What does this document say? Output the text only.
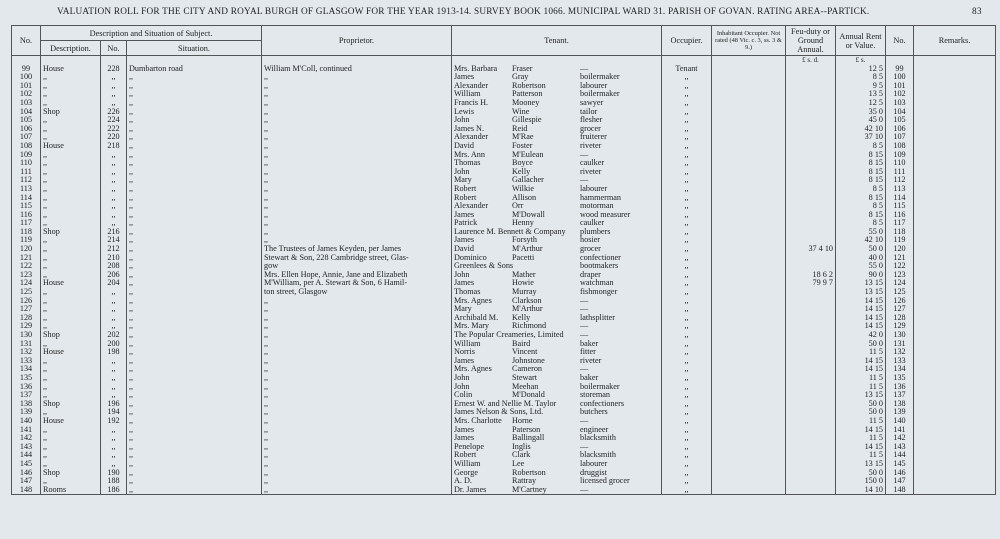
VALUATION ROLL FOR THE CITY AND ROYAL BURGH OF GLASGOW FOR THE YEAR 1913-14. SURVEY BOOK 1066. MUNICIPAL WARD 31. PARISH OF GOVAN. RATING AREA--PARTICK.	83
No.	Description and Situation of Subject.			Proprietor.	Tenant.	Occupier.	Inhabitant Occupier. Not rated (48 Vic. c. 3, ss. 3 & 9.)	Feu-duty or Ground Annual.	Annual Rent or Value.	No.	Remarks.
	Description.	No.	Situation.								
								£ s. d.	£ s.		
99	House	228	Dumbarton road	William M'Coll, continued	Mrs. Barbara Fraser —	Tenant			12 5	99	
100	,,	,,	,,	,,	James Gray boilermaker	,,			8 5	100	
101	,,	,,	,,	,,	Alexander Robertson labourer	,,			9 5	101	
102	,,	,,	,,	,,	William Patterson boilermaker	,,			13 5	102	
103	,,	,,	,,	,,	Francis H. Mooney sawyer	,,			12 5	103	
104	Shop	226	,,	,,	Lewis Wine tailor	,,			35 0	104	
105	,,	224	,,	,,	John Gillespie flesher	,,			45 0	105	
106	,,	222	,,	,,	James N. Reid grocer	,,			42 10	106	
107	,,	220	,,	,,	Alexander M'Rae fruiterer	,,			37 10	107	
108	House	218	,,	,,	David Foster riveter	,,			8 5	108	
109	,,	,,	,,	,,	Mrs. Ann M'Eulean —	,,			8 15	109	
110	,,	,,	,,	,,	Thomas Boyce caulker	,,			8 15	110	
111	,,	,,	,,	,,	John Kelly riveter	,,			8 15	111	
112	,,	,,	,,	,,	Mary Gallacher —	,,			8 15	112	
113	,,	,,	,,	,,	Robert Wilkie labourer	,,			8 5	113	
114	,,	,,	,,	,,	Robert Allison hammerman	,,			8 15	114	
115	,,	,,	,,	,,	Alexander Orr motorman	,,			8 5	115	
116	,,	,,	,,	,,	James M'Dowall wood measurer	,,			8 15	116	
117	,,	,,	,,	,,	Patrick Henny caulker	,,			8 5	117	
118	Shop	216	,,	,,	Laurence M. Bennett & Company plumbers	,,			55 0	118	
119	,,	214	,,	,,	James Forsyth hosier	,,			42 10	119	
120	,,	212	,,	The Trustees of James Keyden, per James	David M'Arthur grocer	,,		37 4 10	50 0	120	
121	,,	210	,,	Stewart & Son, 228 Cambridge street, Glas-	Dominico Pacetti confectioner	,,			40 0	121	
122	,,	208	,,	gow	Greenlees & Sons bootmakers	,,			55 0	122	
123	,,	206	,,	Mrs. Ellen Hope, Annie, Jane and Elizabeth	John Mather draper	,,		18 6 2	90 0	123	
124	House	204	,,	M'William, per A. Stewart & Son, 6 Hamil-	James Howie watchman	,,		79 9 7	13 15	124	
125	,,	,,	,,	ton street, Glasgow	Thomas Murray fishmonger	,,			13 15	125	
126	,,	,,	,,	,,	Mrs. Agnes Clarkson —	,,			14 15	126	
127	,,	,,	,,	,,	Mary M'Arthur —	,,			14 15	127	
128	,,	,,	,,	,,	Archibald M. Kelly lathsplitter	,,			14 15	128	
129	,,	,,	,,	,,	Mrs. Mary Richmond —	,,			14 15	129	
130	Shop	202	,,	,,	The Popular Creameries, Limited —	,,			42 0	130	
131	,,	200	,,	,,	William Baird baker	,,			50 0	131	
132	House	198	,,	,,	Norris Vincent fitter	,,			11 5	132	
133	,,	,,	,,	,,	James Johnstone riveter	,,			14 15	133	
134	,,	,,	,,	,,	Mrs. Agnes Cameron —	,,			14 15	134	
135	,,	,,	,,	,,	John Stewart baker	,,			11 5	135	
136	,,	,,	,,	,,	John Meehan boilermaker	,,			11 5	136	
137	,,	,,	,,	,,	Colin M'Donald storeman	,,			13 15	137	
138	Shop	196	,,	,,	Ernest W. and Nellie M. Taylor confectioners	,,			50 0	138	
139	,,	194	,,	,,	James Nelson & Sons, Ltd. butchers	,,			50 0	139	
140	House	192	,,	,,	Mrs. Charlotte Horne —	,,			11 5	140	
141	,,	,,	,,	,,	James Paterson engineer	,,			14 15	141	
142	,,	,,	,,	,,	James Ballingall blacksmith	,,			11 5	142	
143	,,	,,	,,	,,	Penelope Inglis —	,,			14 15	143	
144	,,	,,	,,	,,	Robert Clark blacksmith	,,			11 5	144	
145	,,	,,	,,	,,	William Lee labourer	,,			13 15	145	
146	Shop	190	,,	,,	George Robertson druggist	,,			50 0	146	
147	,,	188	,,	,,	A. D. Rattray licensed grocer	,,			150 0	147	
148	Rooms	186	,,	,,	Dr. James M'Cartney —	,,			14 10	148	
